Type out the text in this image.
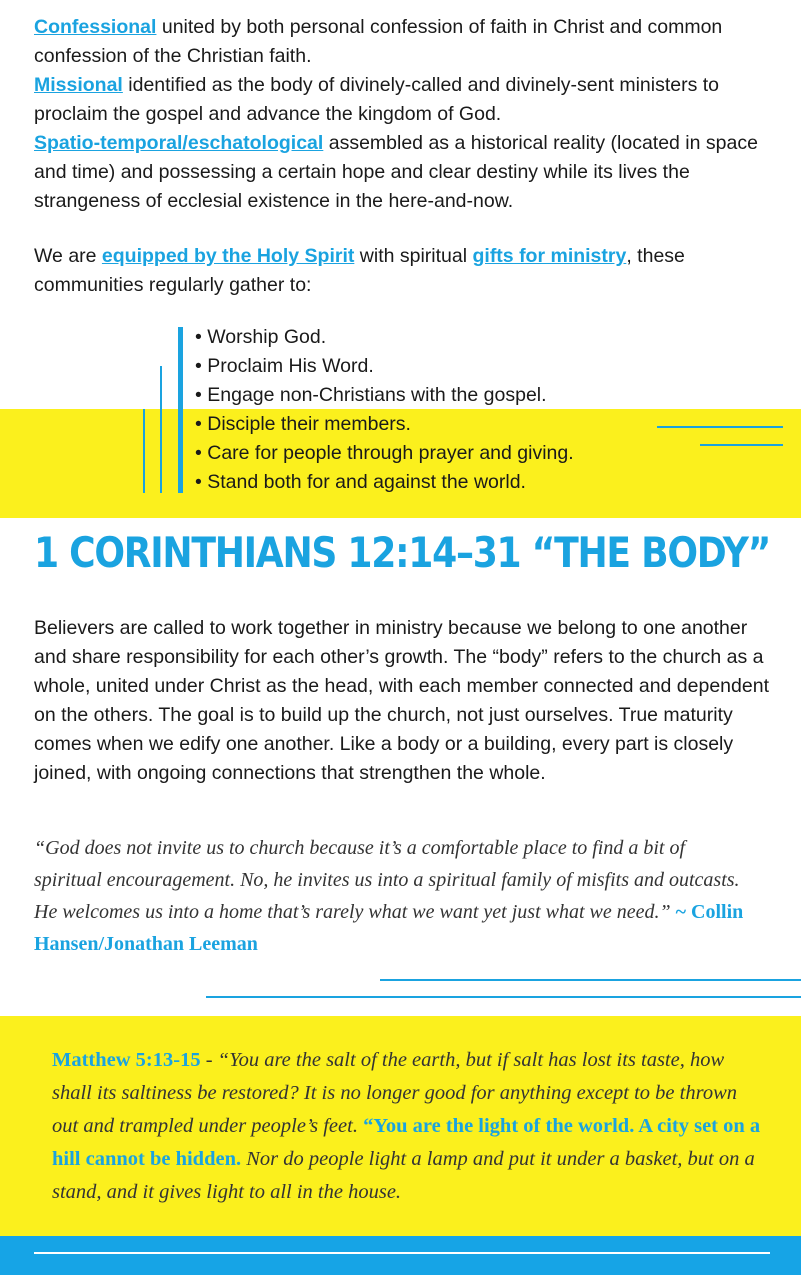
Confessional united by both personal confession of faith in Christ and common confession of the Christian faith.
Missional identified as the body of divinely-called and divinely-sent ministers to proclaim the gospel and advance the kingdom of God.
Spatio-temporal/eschatological assembled as a historical reality (located in space and time) and possessing a certain hope and clear destiny while its lives the strangeness of ecclesial existence in the here-and-now.

We are equipped by the Holy Spirit with spiritual gifts for ministry, these communities regularly gather to:

• Worship God.
• Proclaim His Word.
• Engage non-Christians with the gospel.
• Disciple their members.
• Care for people through prayer and giving.
• Stand both for and against the world.
1 CORINTHIANS 12:14–31 “THE BODY”

Believers are called to work together in ministry because we belong to one another and share responsibility for each other’s growth. The “body” refers to the church as a whole, united under Christ as the head, with each member connected and dependent on the others. The goal is to build up the church, not just ourselves. True maturity comes when we edify one another. Like a body or a building, every part is closely joined, with ongoing connections that strengthen the whole.

“God does not invite us to church because it’s a comfortable place to find a bit of spiritual encouragement. No, he invites us into a spiritual family of misfits and outcasts. He welcomes us into a home that’s rarely what we want yet just what we need.” ~ Collin Hansen/Jonathan Leeman

Matthew 5:13-15 - “You are the salt of the earth, but if salt has lost its taste, how shall its saltiness be restored? It is no longer good for anything except to be thrown out and trampled under people’s feet. “You are the light of the world. A city set on a hill cannot be hidden. Nor do people light a lamp and put it under a basket, but on a stand, and it gives light to all in the house.
